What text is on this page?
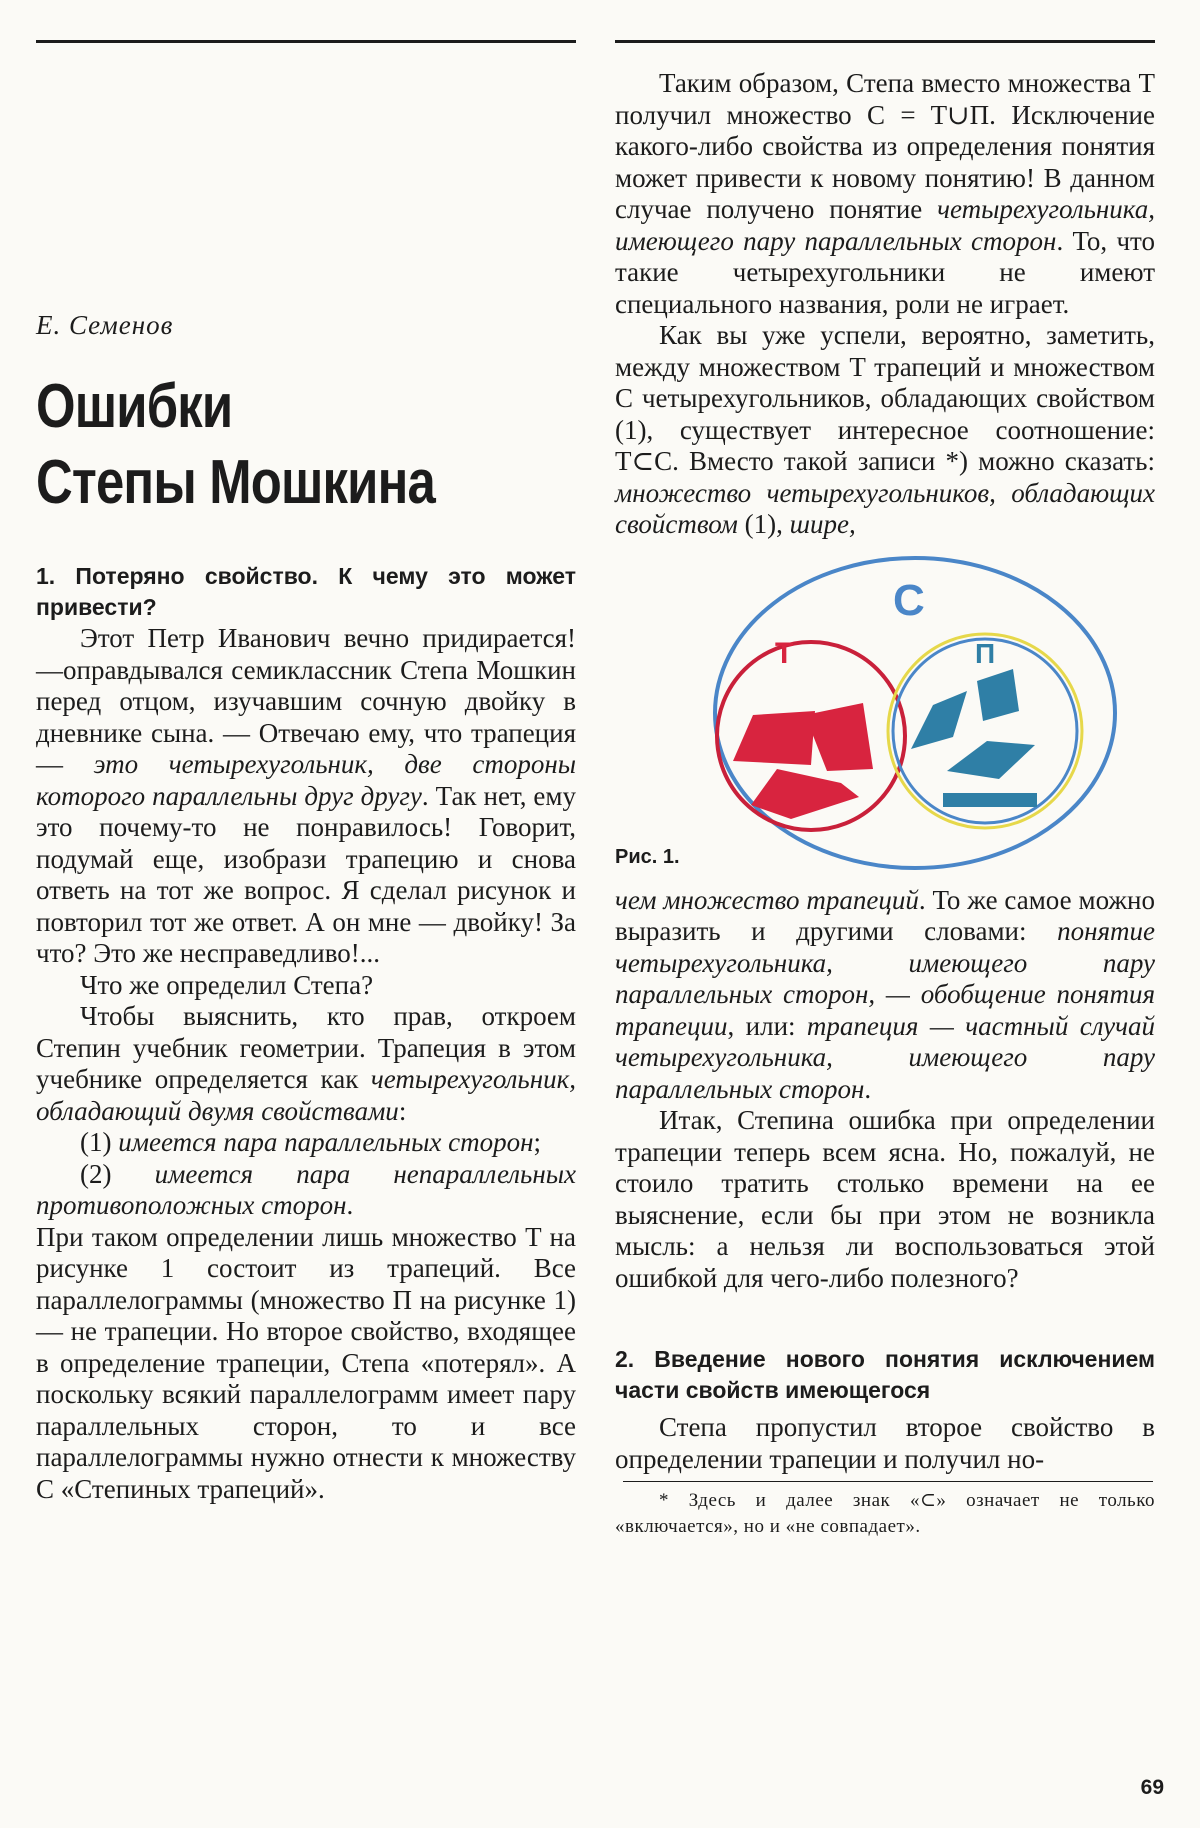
Е. Семенов
Ошибки
Степы Мошкина
1. Потеряно свойство. К чему это может привести?

Этот Петр Иванович вечно придирается! —оправдывался семиклассник Степа Мошкин перед отцом, изучавшим сочную двойку в дневнике сына. — Отвечаю ему, что трапеция — это четырехугольник, две стороны которого параллельны друг другу. Так нет, ему это почему-то не понравилось! Говорит, подумай еще, изобрази трапецию и снова ответь на тот же вопрос. Я сделал рисунок и повторил тот же ответ. А он мне — двойку! За что? Это же несправедливо!...

Что же определил Степа?

Чтобы выяснить, кто прав, откроем Степин учебник геометрии. Трапеция в этом учебнике определяется как четырехугольник, обладающий двумя свойствами:

(1) имеется пара параллельных сторон;

(2) имеется пара непараллельных противоположных сторон.

При таком определении лишь множество T на рисунке 1 состоит из трапеций. Все параллелограммы (множество П на рисунке 1) — не трапеции. Но второе свойство, входящее в определение трапеции, Степа «потерял». А поскольку всякий параллелограмм имеет пару параллельных сторон, то и все параллелограммы нужно отнести к множеству C «Степиных трапеций».

Таким образом, Степа вместо множества T получил множество C = T∪П. Исключение какого-либо свойства из определения понятия может привести к новому понятию! В данном случае получено понятие четырехугольника, имеющего пару параллельных сторон. То, что такие четырехугольники не имеют специального названия, роли не играет.

Как вы уже успели, вероятно, заметить, между множеством T трапеций и множеством C четырехугольников, обладающих свойством (1), существует интересное соотношение: T⊂C. Вместо такой записи *) можно сказать: множество четырехугольников, обладающих свойством (1), шире,

С
Т	П
Рис. 1.

чем множество трапеций. То же самое можно выразить и другими словами: понятие четырехугольника, имеющего пару параллельных сторон, — обобщение понятия трапеции, или: трапеция — частный случай четырехугольника, имеющего пару параллельных сторон.

Итак, Степина ошибка при определении трапеции теперь всем ясна. Но, пожалуй, не стоило тратить столько времени на ее выяснение, если бы при этом не возникла мысль: а нельзя ли воспользоваться этой ошибкой для чего-либо полезного?

2. Введение нового понятия исключением части свойств имеющегося

Степа пропустил второе свойство в определении трапеции и получил но-

* Здесь и далее знак «⊂» означает не только «включается», но и «не совпадает».

69
